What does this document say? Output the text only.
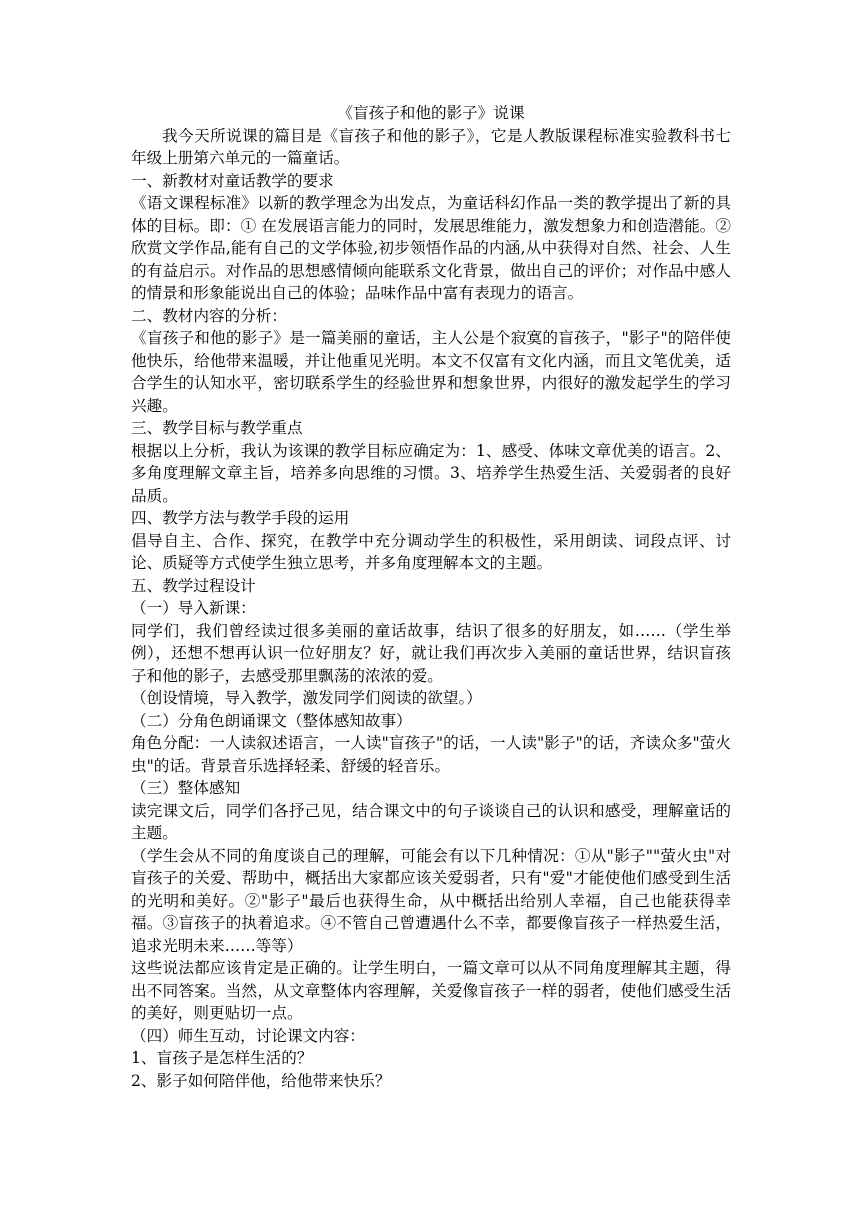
《盲孩子和他的影子》说课

我今天所说课的篇目是《盲孩子和他的影子》，它是人教版课程标准实验教科书七年级上册第六单元的一篇童话。

一、新教材对童话教学的要求

《语文课程标准》以新的教学理念为出发点，为童话科幻作品一类的教学提出了新的具体的目标。即：① 在发展语言能力的同时，发展思维能力，激发想象力和创造潜能。②欣赏文学作品,能有自己的文学体验,初步领悟作品的内涵,从中获得对自然、社会、人生的有益启示。对作品的思想感情倾向能联系文化背景，做出自己的评价；对作品中感人的情景和形象能说出自己的体验；品味作品中富有表现力的语言。

二、教材内容的分析：

《盲孩子和他的影子》是一篇美丽的童话，主人公是个寂寞的盲孩子，"影子"的陪伴使他快乐，给他带来温暖，并让他重见光明。本文不仅富有文化内涵，而且文笔优美，适合学生的认知水平，密切联系学生的经验世界和想象世界，内很好的激发起学生的学习兴趣。

三、教学目标与教学重点

根据以上分析，我认为该课的教学目标应确定为：1、感受、体味文章优美的语言。2、多角度理解文章主旨，培养多向思维的习惯。3、培养学生热爱生活、关爱弱者的良好品质。

四、教学方法与教学手段的运用

倡导自主、合作、探究，在教学中充分调动学生的积极性，采用朗读、词段点评、讨论、质疑等方式使学生独立思考，并多角度理解本文的主题。

五、教学过程设计

（一）导入新课：

同学们，我们曾经读过很多美丽的童话故事，结识了很多的好朋友，如……（学生举例），还想不想再认识一位好朋友？好，就让我们再次步入美丽的童话世界，结识盲孩子和他的影子，去感受那里飘荡的浓浓的爱。

（创设情境，导入教学，激发同学们阅读的欲望。）

（二）分角色朗诵课文（整体感知故事）

角色分配：一人读叙述语言，一人读"盲孩子"的话，一人读"影子"的话，齐读众多"萤火虫"的话。背景音乐选择轻柔、舒缓的轻音乐。

（三）整体感知

读完课文后，同学们各抒己见，结合课文中的句子谈谈自己的认识和感受，理解童话的主题。

（学生会从不同的角度谈自己的理解，可能会有以下几种情况：①从"影子""萤火虫"对盲孩子的关爱、帮助中，概括出大家都应该关爱弱者，只有"爱"才能使他们感受到生活的光明和美好。②"影子"最后也获得生命，从中概括出给别人幸福，自己也能获得幸福。③盲孩子的执着追求。④不管自己曾遭遇什么不幸，都要像盲孩子一样热爱生活，追求光明未来……等等）

这些说法都应该肯定是正确的。让学生明白，一篇文章可以从不同角度理解其主题，得出不同答案。当然，从文章整体内容理解，关爱像盲孩子一样的弱者，使他们感受生活的美好，则更贴切一点。

（四）师生互动，讨论课文内容：

1、盲孩子是怎样生活的？

2、影子如何陪伴他，给他带来快乐？
